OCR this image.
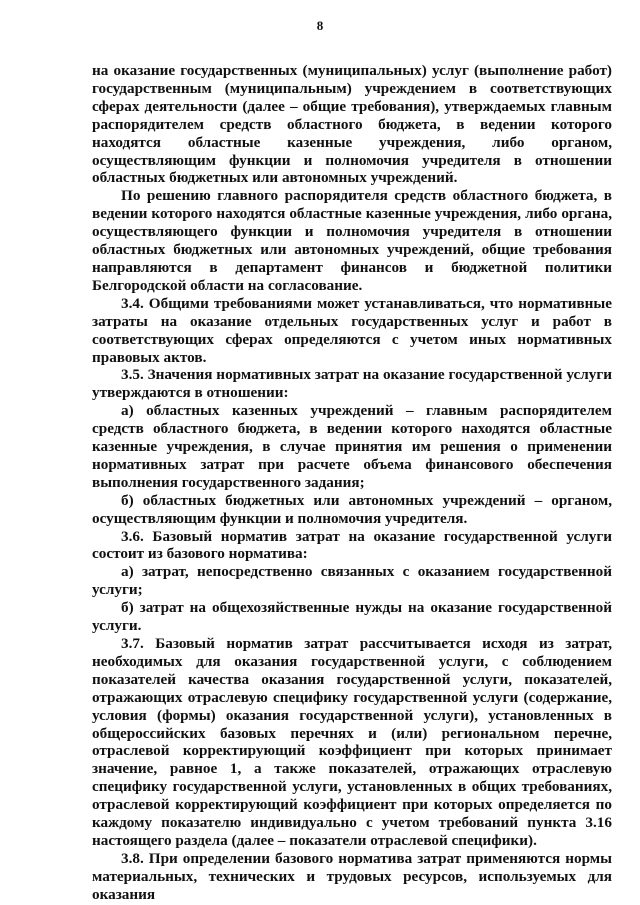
8

на оказание государственных (муниципальных) услуг (выполнение работ) государственным (муниципальным) учреждением в соответствующих сферах деятельности (далее – общие требования), утверждаемых главным распорядителем средств областного бюджета, в ведении которого находятся областные казенные учреждения, либо органом, осуществляющим функции и полномочия учредителя в отношении областных бюджетных или автономных учреждений.

По решению главного распорядителя средств областного бюджета, в ведении которого находятся областные казенные учреждения, либо органа, осуществляющего функции и полномочия учредителя в отношении областных бюджетных или автономных учреждений, общие требования направляются в департамент финансов и бюджетной политики Белгородской области на согласование.

3.4. Общими требованиями может устанавливаться, что нормативные затраты на оказание отдельных государственных услуг и работ в соответствующих сферах определяются с учетом иных нормативных правовых актов.

3.5. Значения нормативных затрат на оказание государственной услуги утверждаются в отношении:

а) областных казенных учреждений – главным распорядителем средств областного бюджета, в ведении которого находятся областные казенные учреждения, в случае принятия им решения о применении нормативных затрат при расчете объема финансового обеспечения выполнения государственного задания;

б) областных бюджетных или автономных учреждений – органом, осуществляющим функции и полномочия учредителя.

3.6. Базовый норматив затрат на оказание государственной услуги состоит из базового норматива:

а) затрат, непосредственно связанных с оказанием государственной услуги;

б) затрат на общехозяйственные нужды на оказание государственной услуги.

3.7. Базовый норматив затрат рассчитывается исходя из затрат, необходимых для оказания государственной услуги, с соблюдением показателей качества оказания государственной услуги, показателей, отражающих отраслевую специфику государственной услуги (содержание, условия (формы) оказания государственной услуги), установленных в общероссийских базовых перечнях и (или) региональном перечне, отраслевой корректирующий коэффициент при которых принимает значение, равное 1, а также показателей, отражающих отраслевую специфику государственной услуги, установленных в общих требованиях, отраслевой корректирующий коэффициент при которых определяется по каждому показателю индивидуально с учетом требований пункта 3.16 настоящего раздела (далее – показатели отраслевой специфики).

3.8. При определении базового норматива затрат применяются нормы материальных, технических и трудовых ресурсов, используемых для оказания
